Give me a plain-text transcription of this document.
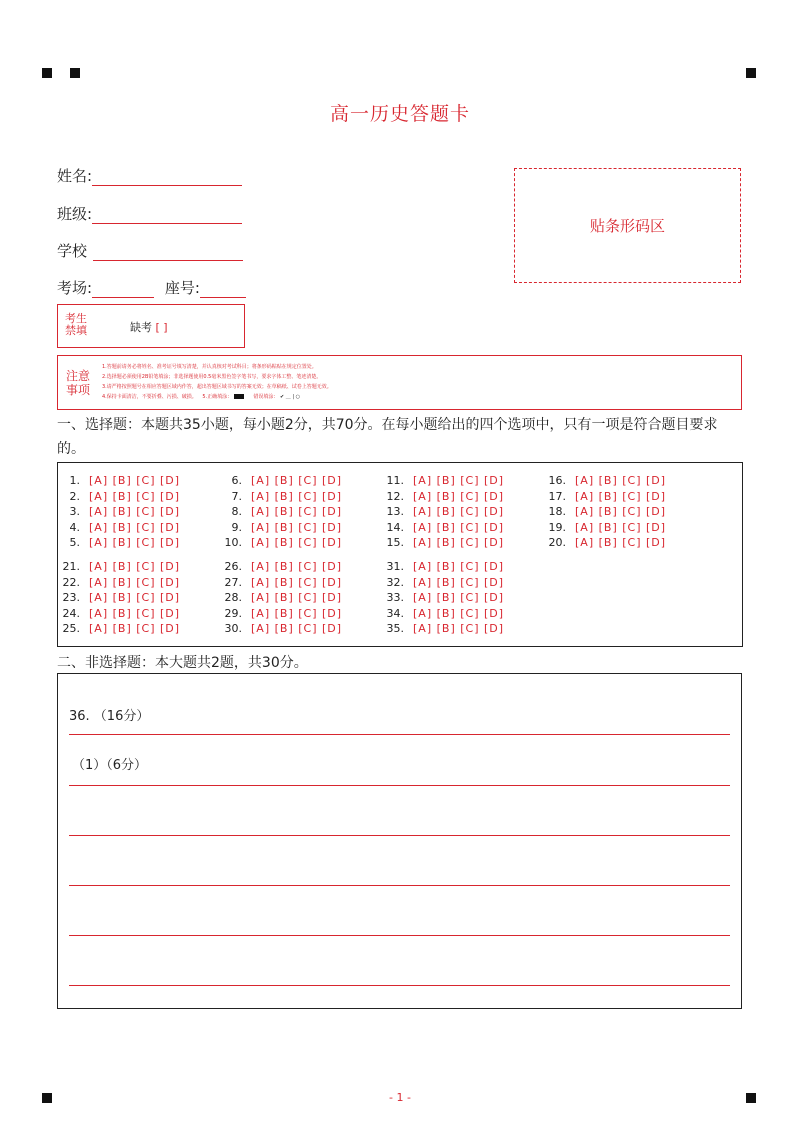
高一历史答题卡
姓名:
班级:
学校
考场:	座号:
贴条形码区
考生禁填	缺考 [ ]
注意事项
1.答题前请务必将姓名、准考证号填写清楚，并认真核对考试科目；将条形码粘贴在规定位置处。
2.选择题必须使用2B铅笔填涂；非选择题使用0.5毫米黑色签字笔书写，要求字体工整、笔迹清楚。
3.请严格按照题号在相应答题区域内作答，超出答题区域书写的答案无效；在草稿纸、试卷上答题无效。
4.保持卡面清洁，不要折叠、污损、破损。 5.正确填涂：	错误填涂： ✔ ＿ | ○
一、选择题：本题共35小题，每小题2分，共70分。在每小题给出的四个选项中，只有一项是符合题目要求的。
1. [A] [B] [C] [D]
2. [A] [B] [C] [D]
3. [A] [B] [C] [D]
4. [A] [B] [C] [D]
5. [A] [B] [C] [D]
6. [A] [B] [C] [D]
7. [A] [B] [C] [D]
8. [A] [B] [C] [D]
9. [A] [B] [C] [D]
10. [A] [B] [C] [D]
11. [A] [B] [C] [D]
12. [A] [B] [C] [D]
13. [A] [B] [C] [D]
14. [A] [B] [C] [D]
15. [A] [B] [C] [D]
16. [A] [B] [C] [D]
17. [A] [B] [C] [D]
18. [A] [B] [C] [D]
19. [A] [B] [C] [D]
20. [A] [B] [C] [D]
21. [A] [B] [C] [D]
22. [A] [B] [C] [D]
23. [A] [B] [C] [D]
24. [A] [B] [C] [D]
25. [A] [B] [C] [D]
26. [A] [B] [C] [D]
27. [A] [B] [C] [D]
28. [A] [B] [C] [D]
29. [A] [B] [C] [D]
30. [A] [B] [C] [D]
31. [A] [B] [C] [D]
32. [A] [B] [C] [D]
33. [A] [B] [C] [D]
34. [A] [B] [C] [D]
35. [A] [B] [C] [D]
二、非选择题：本大题共2题，共30分。
36. （16分）
（1）（6分）
- 1 -
